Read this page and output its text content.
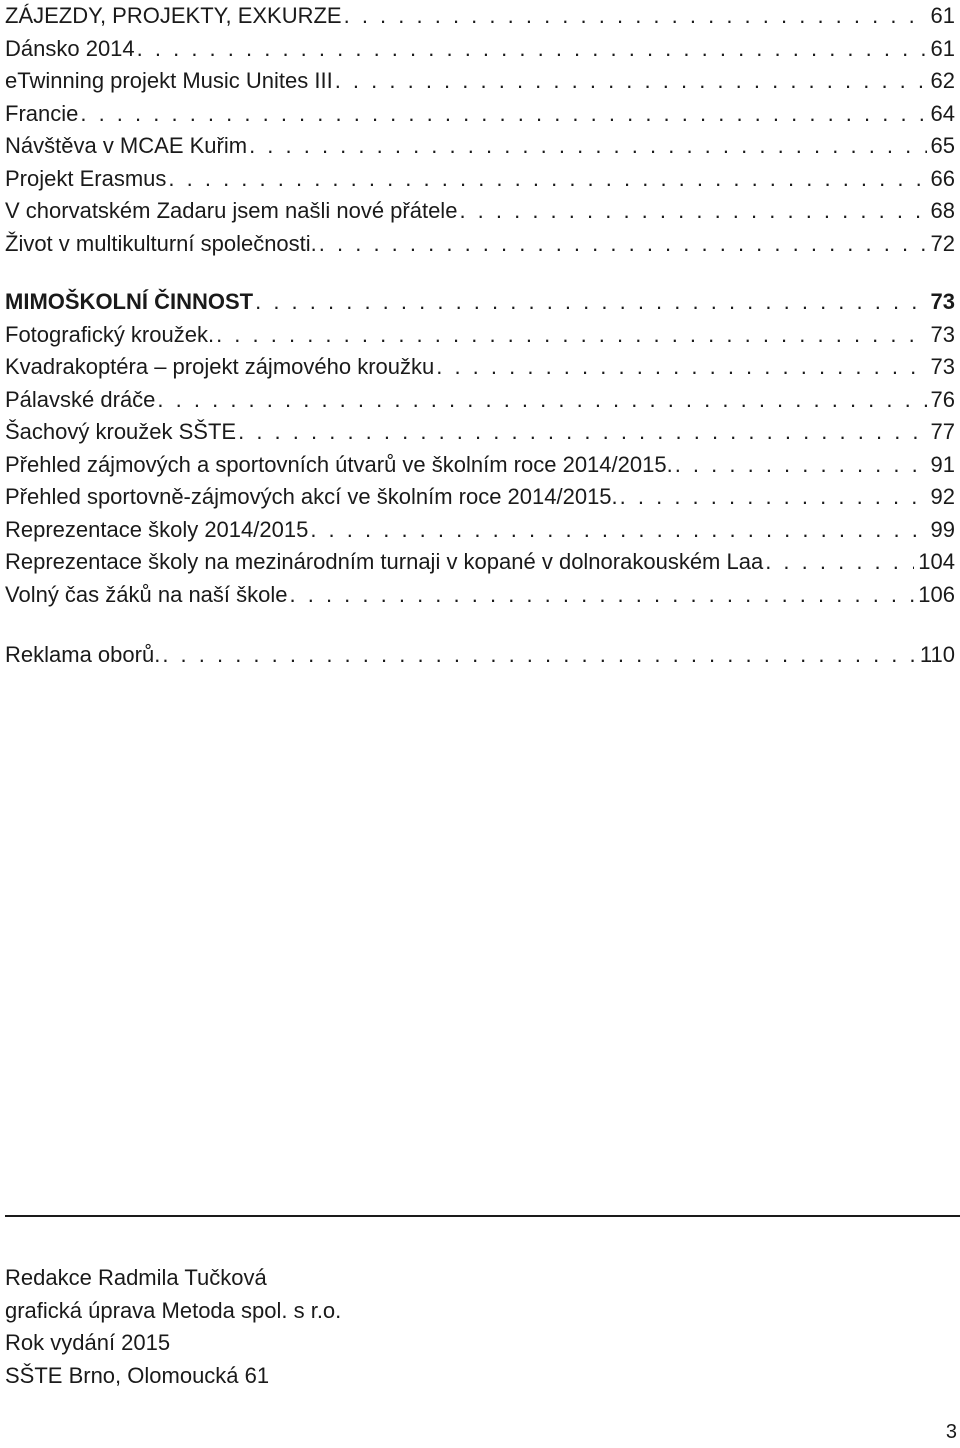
ZÁJEZDY, PROJEKTY, EXKURZE . . .	61
Dánsko 2014 . . .	61
eTwinning projekt Music Unites III . . .	62
Francie . . .	64
Návštěva v MCAE Kuřim . . .	65
Projekt Erasmus . . .	66
V chorvatském Zadaru jsem našli nové přátele . . .	68
Život v multikulturní společnosti. . . .	72
MIMOŠKOLNÍ ČINNOST . . .	73
Fotografický kroužek. . . .	73
Kvadrakoptéra – projekt zájmového kroužku . . .	73
Pálavské dráče . . .	76
Šachový kroužek SŠTE . . .	77
Přehled zájmových a sportovních útvarů ve školním roce 2014/2015. . . .	91
Přehled sportovně-zájmových akcí ve školním roce 2014/2015. . . .	92
Reprezentace školy 2014/2015 . . .	99
Reprezentace školy na mezinárodním turnaji v kopané v dolnorakouském Laa . . .	104
Volný čas žáků na naší škole . . .	106
Reklama oborů. . . .	110
Redakce Radmila Tučková
grafická úprava Metoda spol. s r.o.
Rok vydání 2015
SŠTE Brno, Olomoucká 61
3
